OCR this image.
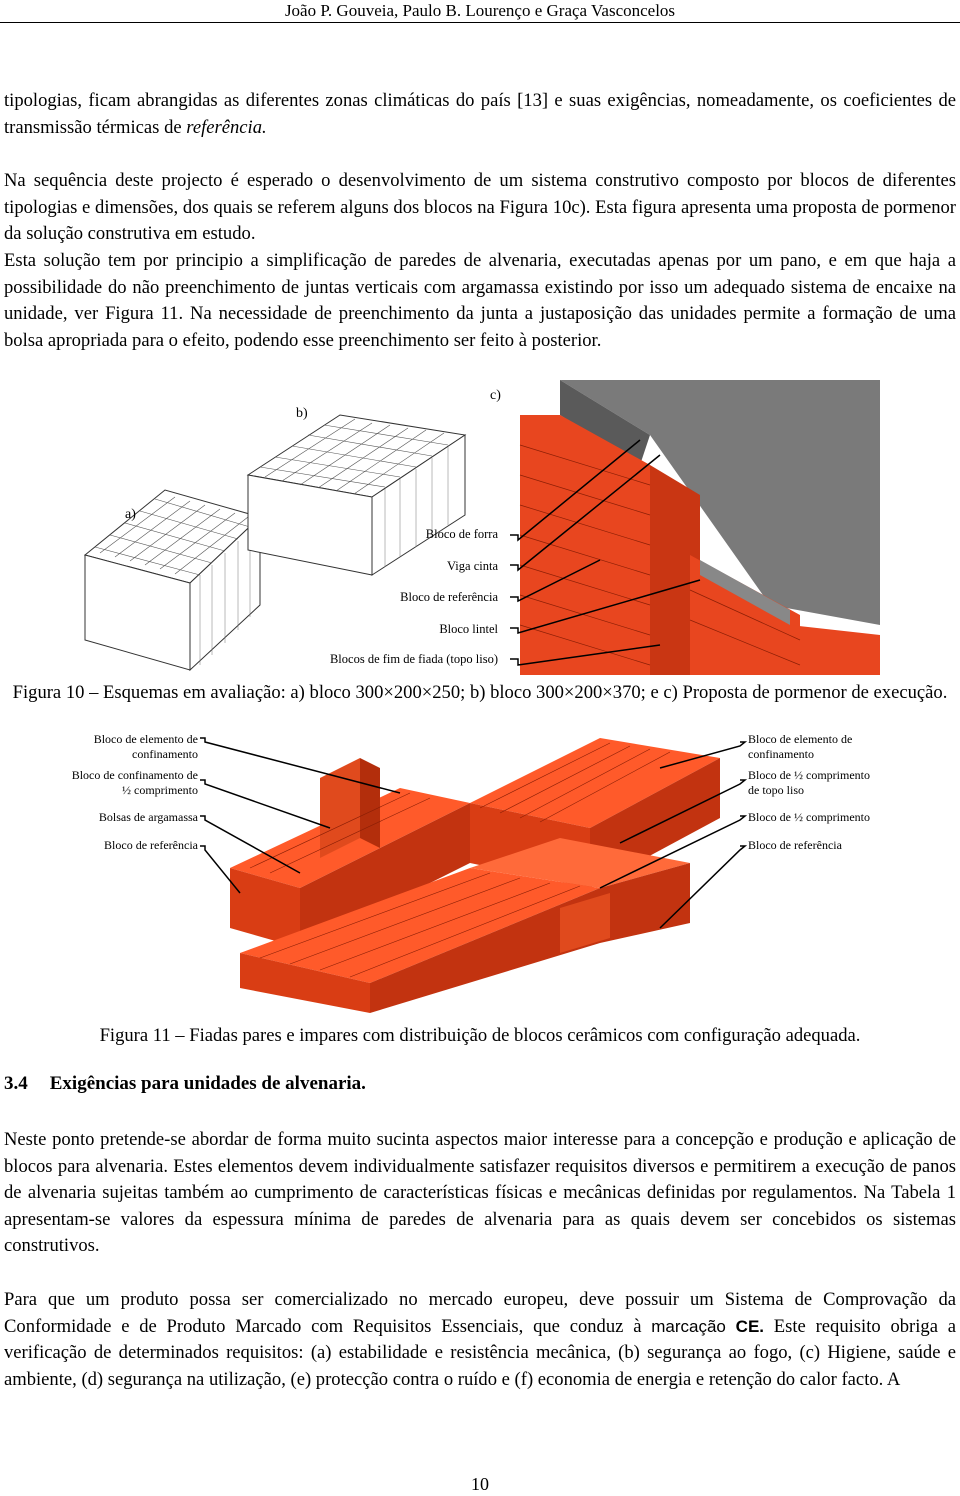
João P. Gouveia, Paulo B. Lourenço e Graça Vasconcelos

tipologias, ficam abrangidas as diferentes zonas climáticas do país [13] e suas exigências, nomeadamente, os coeficientes de transmissão térmicas de referência.

Na sequência deste projecto é esperado o desenvolvimento de um sistema construtivo composto por blocos de diferentes tipologias e dimensões, dos quais se referem alguns dos blocos na Figura 10c). Esta figura apresenta uma proposta de pormenor da solução construtiva em estudo.

Esta solução tem por principio a simplificação de paredes de alvenaria, executadas apenas por um pano, e em que haja a possibilidade do não preenchimento de juntas verticais com argamassa existindo por isso um adequado sistema de encaixe na unidade, ver Figura 11. Na necessidade de preenchimento da junta a justaposição das unidades permite a formação de uma bolsa apropriada para o efeito, podendo esse preenchimento ser feito à posterior.

a)
b)
c)
Bloco de forra
Viga cinta
Bloco de referência
Bloco lintel
Blocos de fim de fiada (topo liso)
Figura 10 – Esquemas em avaliação: a) bloco 300×200×250; b) bloco 300×200×370; e c) Proposta de pormenor de execução.
Bloco de elemento de confinamento
Bloco de confinamento de ½ comprimento
Bolsas de argamassa
Bloco de referência
Bloco de elemento de confinamento
Bloco de ½ comprimento de topo liso
Bloco de ½ comprimento
Bloco de referência
Figura 11 – Fiadas pares e impares com distribuição de blocos cerâmicos com configuração adequada.
3.4 Exigências para unidades de alvenaria.

Neste ponto pretende-se abordar de forma muito sucinta aspectos maior interesse para a concepção e produção e aplicação de blocos para alvenaria. Estes elementos devem individualmente satisfazer requisitos diversos e permitirem a execução de panos de alvenaria sujeitas também ao cumprimento de características físicas e mecânicas definidas por regulamentos. Na Tabela 1 apresentam-se valores da espessura mínima de paredes de alvenaria para as quais devem ser concebidos os sistemas construtivos.

Para que um produto possa ser comercializado no mercado europeu, deve possuir um Sistema de Comprovação da Conformidade e de Produto Marcado com Requisitos Essenciais, que conduz à marcação CE. Este requisito obriga a verificação de determinados requisitos: (a) estabilidade e resistência mecânica, (b) segurança ao fogo, (c) Higiene, saúde e ambiente, (d) segurança na utilização, (e) protecção contra o ruído e (f) economia de energia e retenção do calor facto. A

10
